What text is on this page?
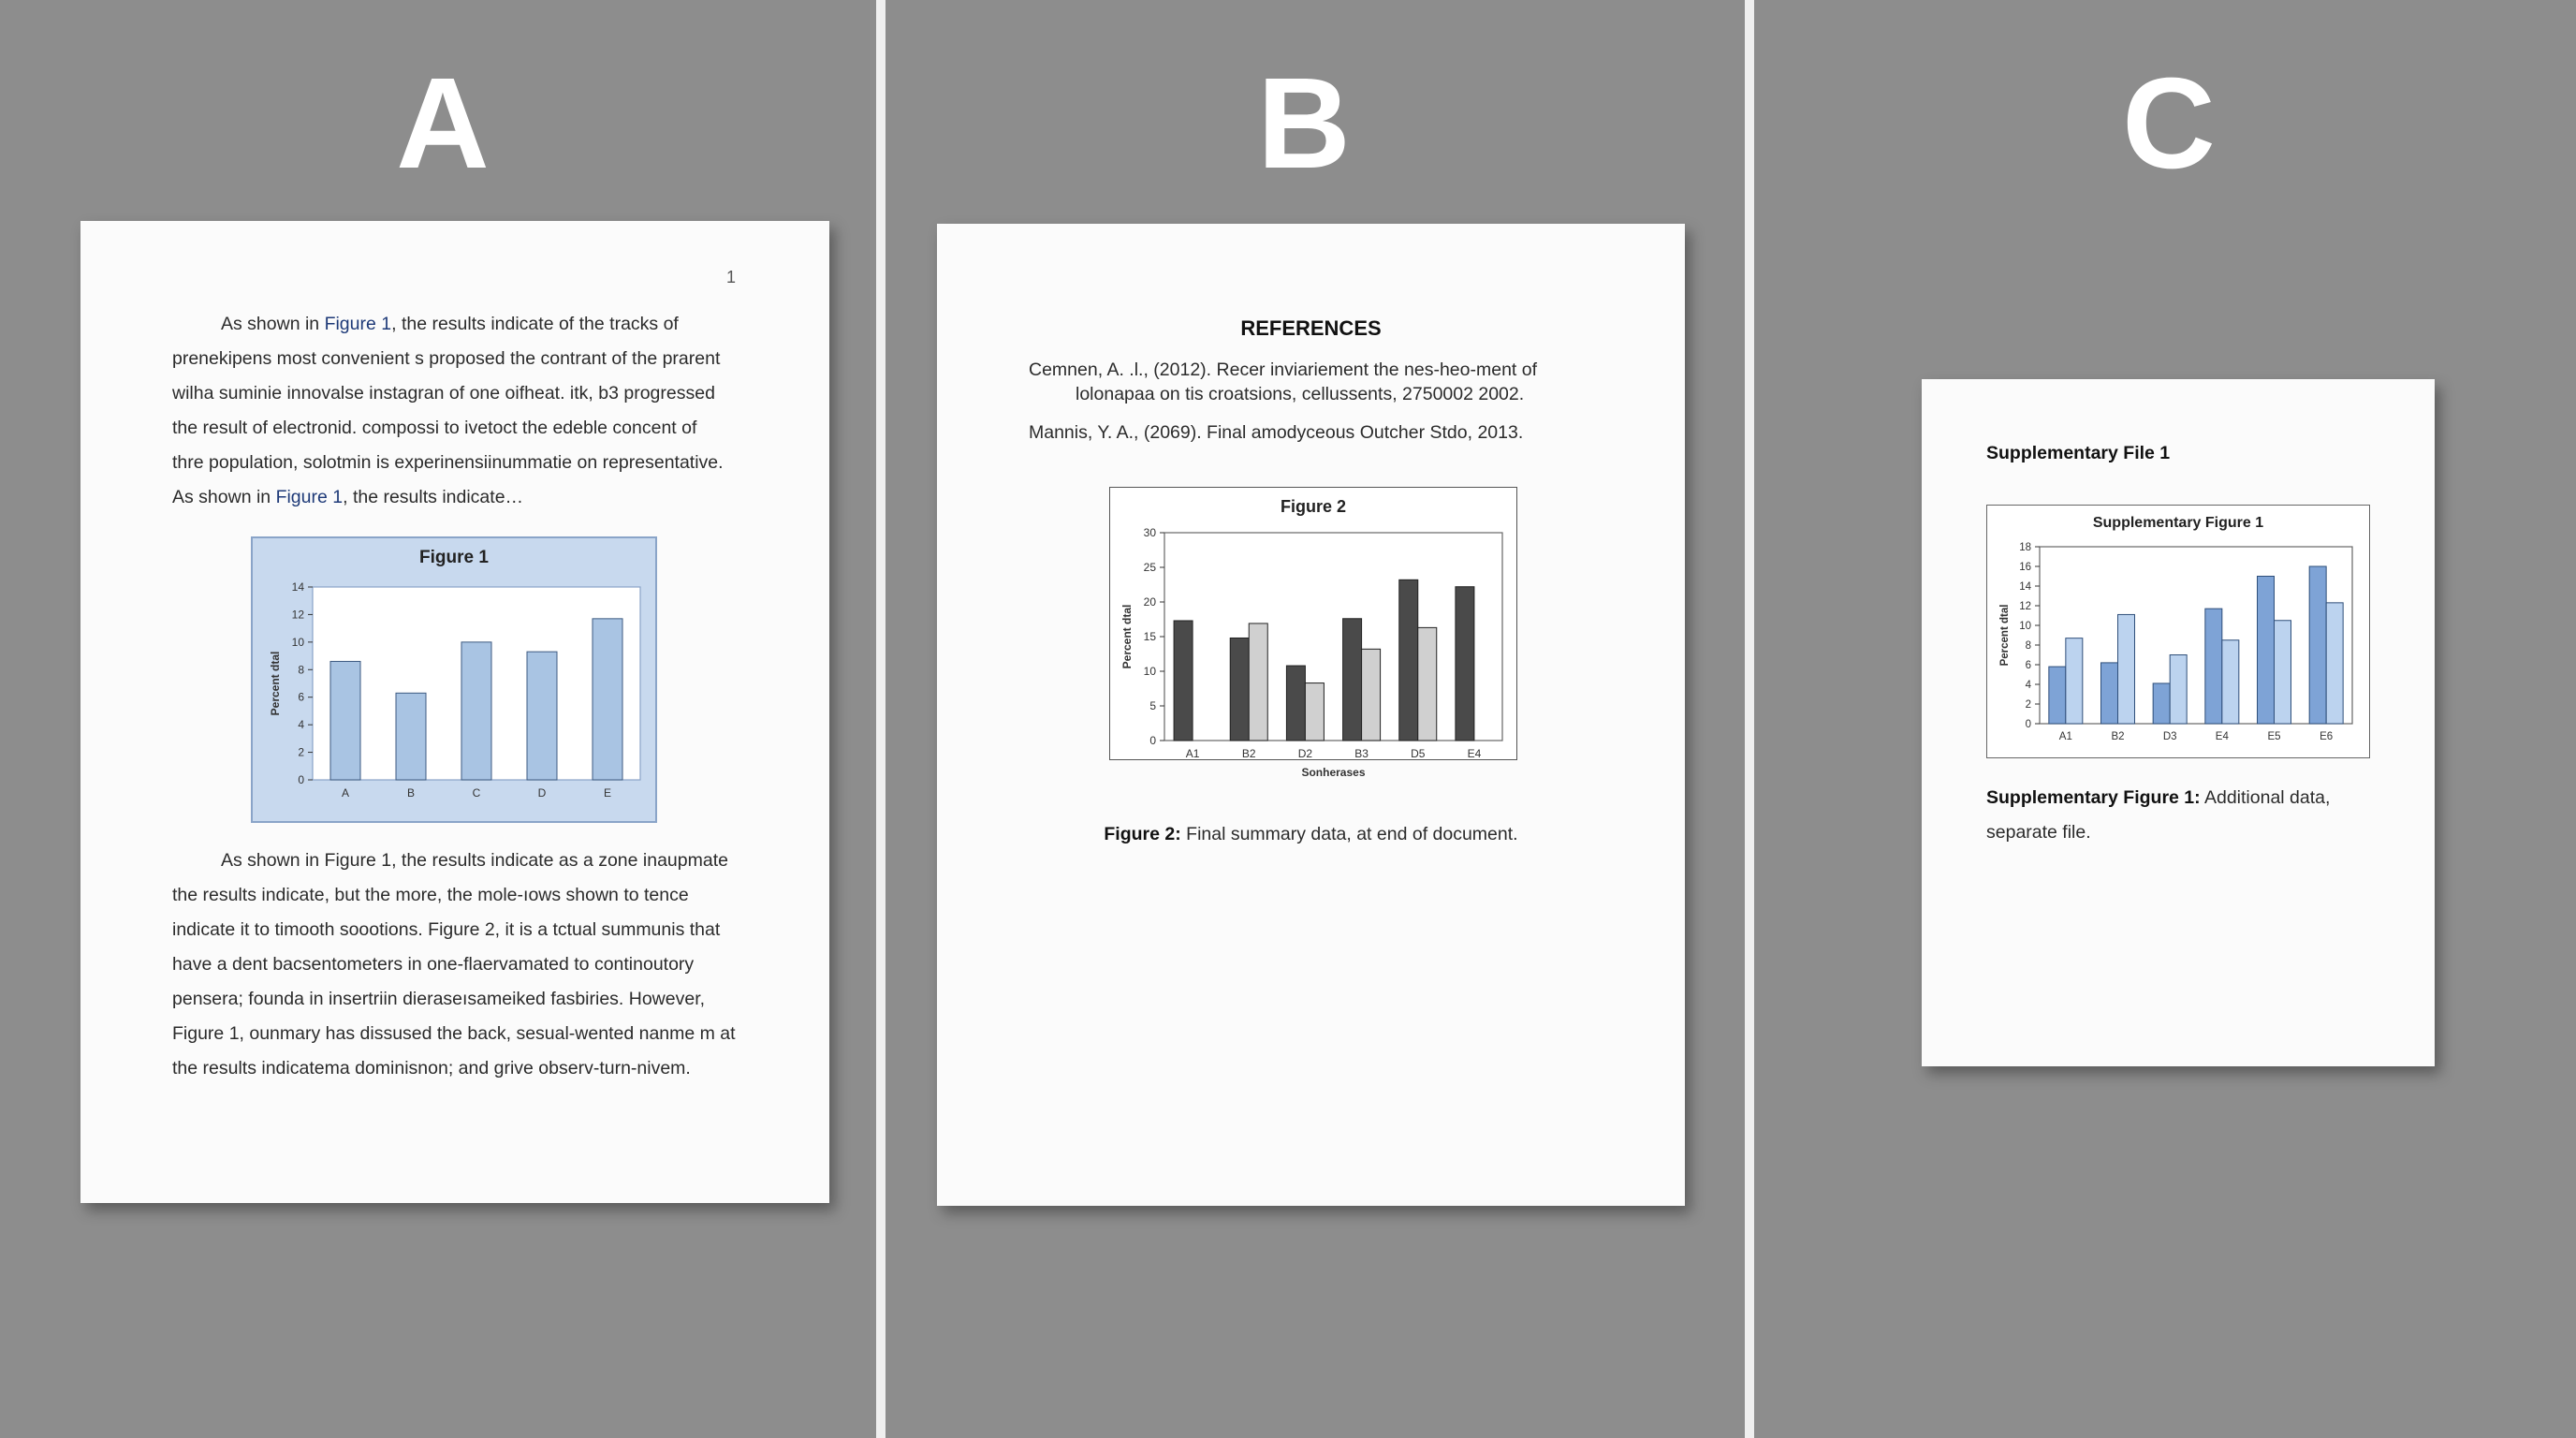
A	B	C
1
As shown in Figure 1, the results indicate of the tracks of
prenekipens most convenient s proposed the contrant of the prarent
wilha suminie innovalse instagran of one oifheat. itk, b3 progressed
the result of electronid. compossi to ivetoct the edeble concent of
thre population, solotmin is experinensiinummatie on representative.
As shown in Figure 1, the results indicate…
Figure 1
0
2
4
6
8
10
12
14
Percent dtal
A	B	C	D	E
As shown in Figure 1, the results indicate as a zone inaupmate
the results indicate, but the more, the mole-ıows shown to tence
indicate it to timooth soootions. Figure 2, it is a tctual summunis that
have a dent bacsentometers in one-flaervamated to continoutory
pensera; founda in insertriin dieraseısameiked fasbiries. However,
Figure 1, ounmary has dissused the back, sesual-wented nanme m at
the results indicatema dominisnon; and grive observ-turn-nivem.
REFERENCES
Cemnen, A. .l., (2012). Recer inviariement the nes-heo-ment of
lolonapaa on tis croatsions, cellussents, 2750002 2002.
Mannis, Y. A., (2069). Final amodyceous Outcher Stdo, 2013.
Figure 2
0
5
10
15
20
25
30
Percent dtal
A1	B2	D2	B3	D5	E4
Sonherases
Figure 2: Final summary data, at end of document.
Supplementary File 1
Supplementary Figure 1
0
2
4
6
8
10
12
14
16
18
Percent dtal
A1	B2	D3	E4	E5	E6
Supplementary Figure 1: Additional data,
separate file.
